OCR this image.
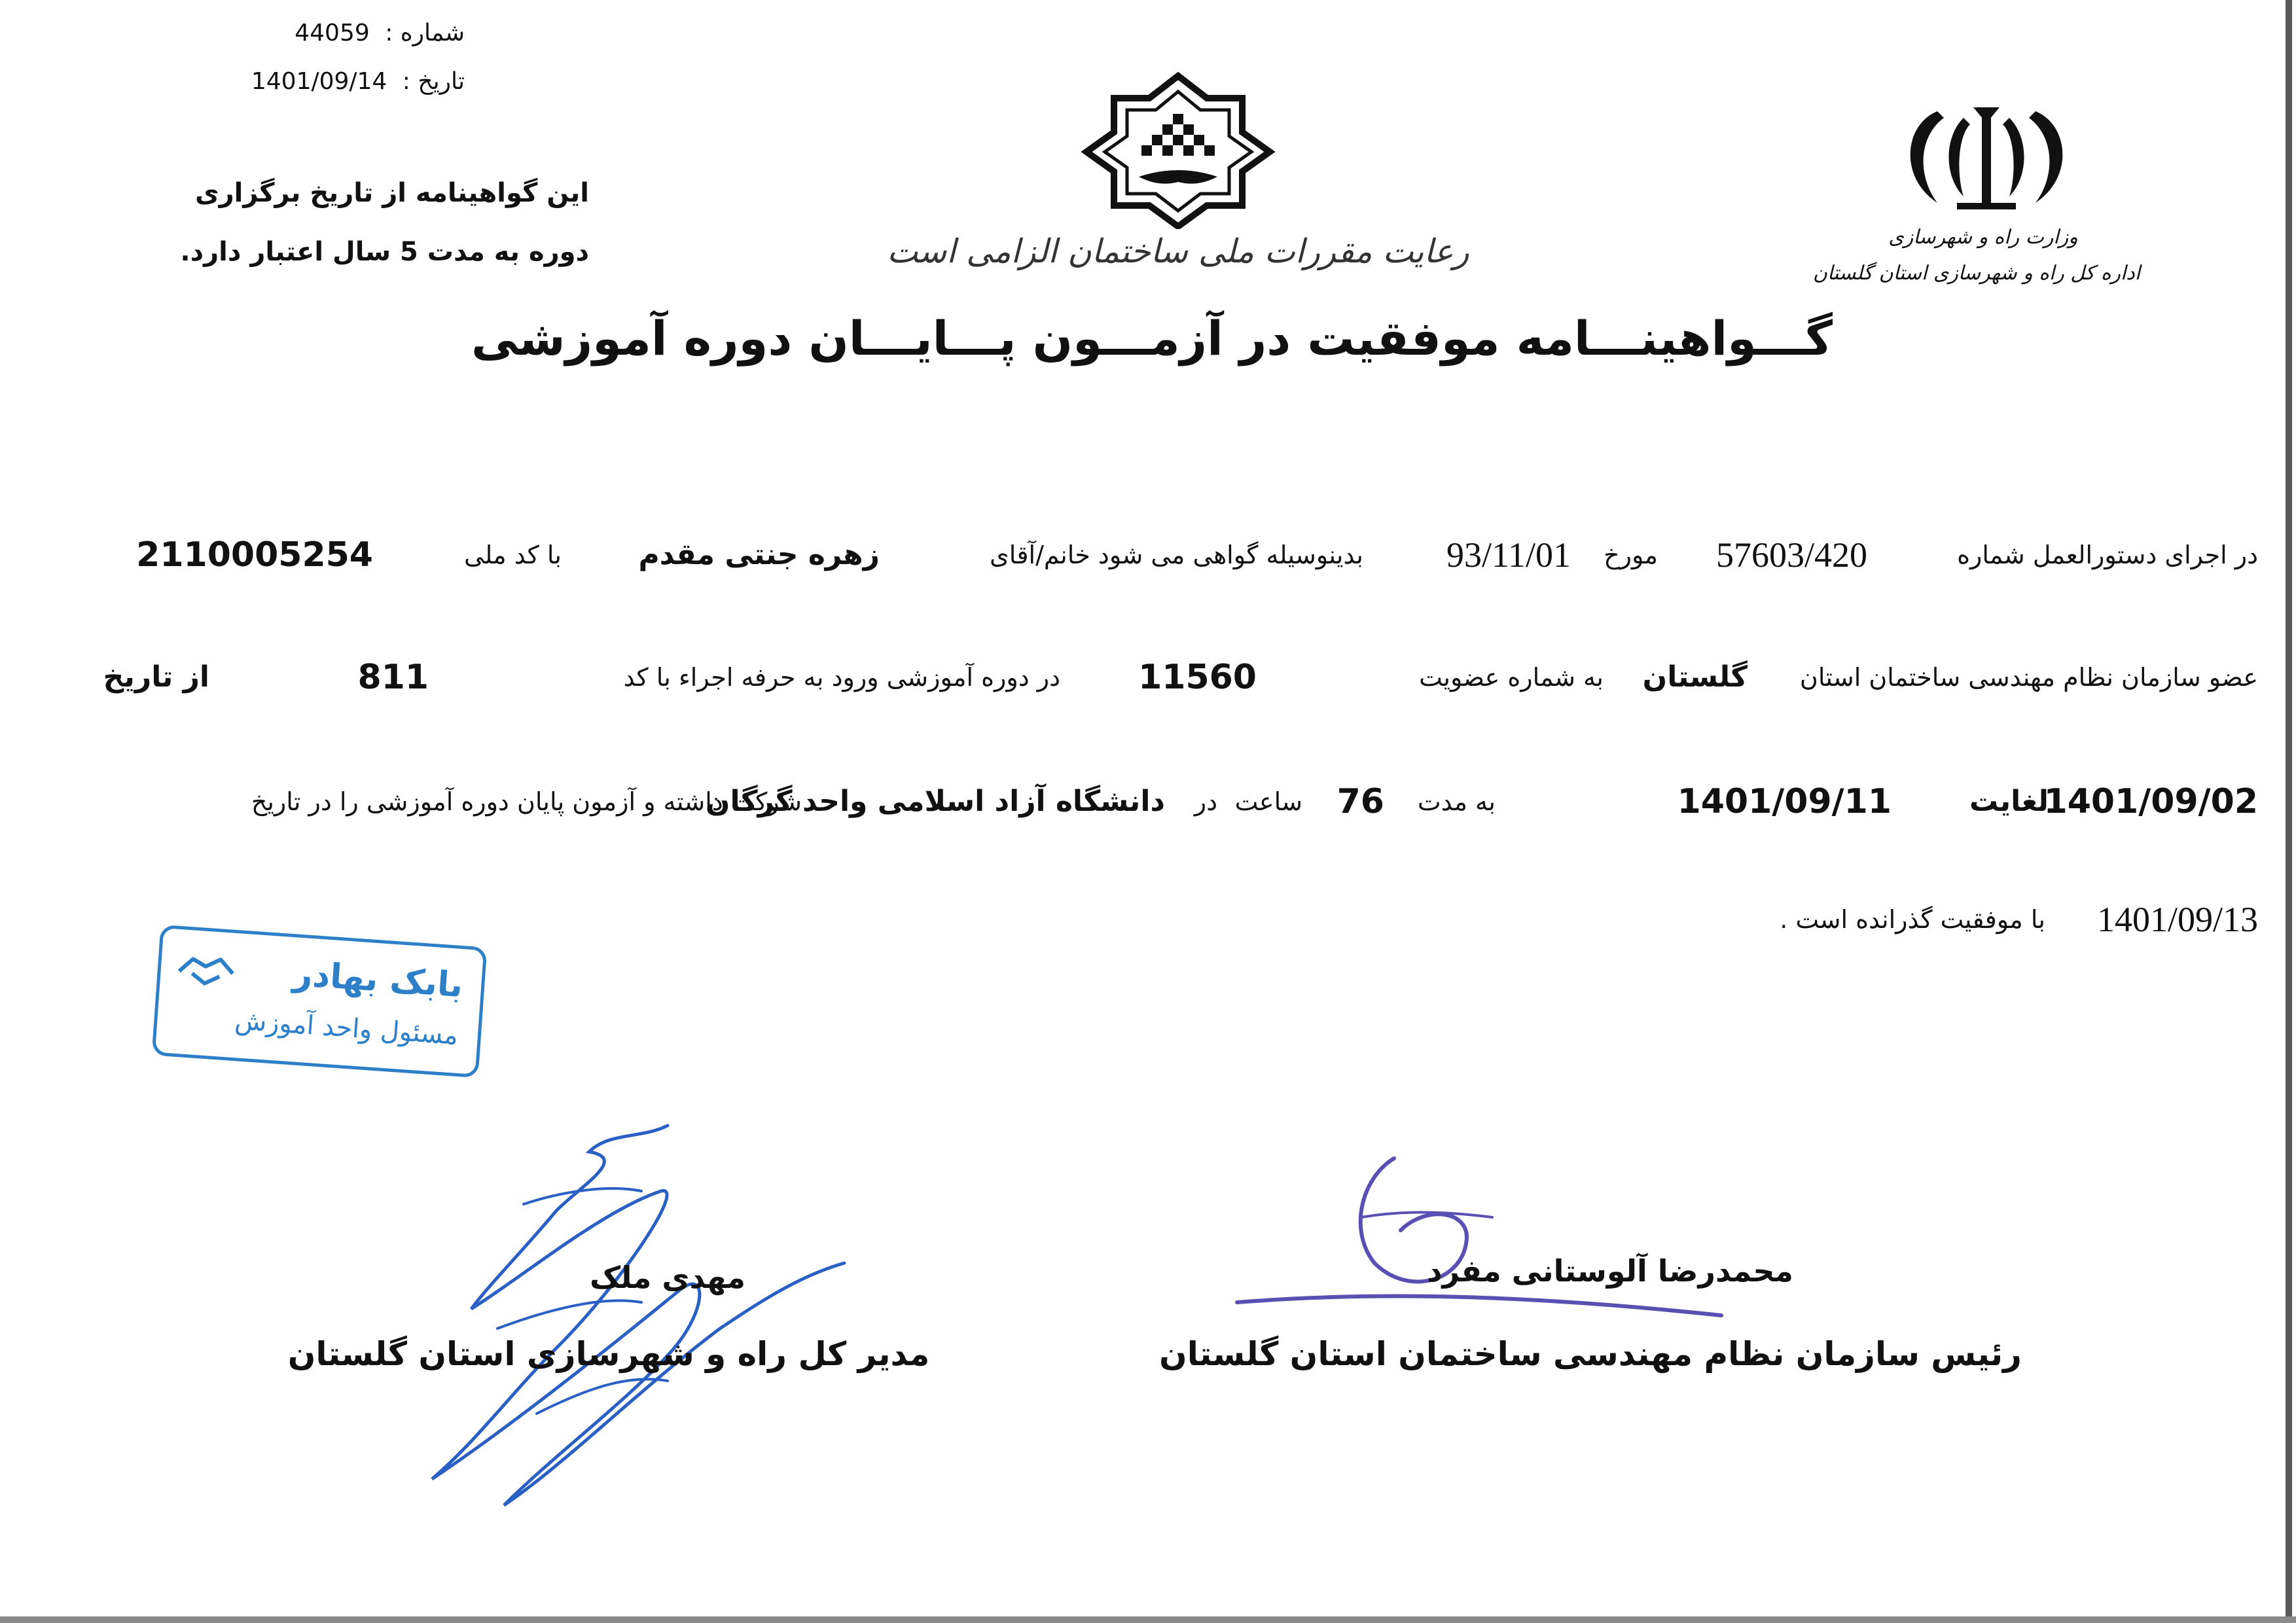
شماره : 44059
تاریخ : 1401/09/14
این گواهینامه از تاریخ برگزاری
دوره به مدت 5 سال اعتبار دارد.	رعایت مقررات ملی ساختمان الزامی است	وزارت راه و شهرسازی
اداره کل راه و شهرسازی استان گلستان
گـــواهینـــامه موفقیت در آزمـــون پـــایـــان دوره آموزشی
در اجرای دستورالعمل شماره
57603/420
مورخ
93/11/01
بدینوسیله گواهی می شود خانم/آقای
زهره جنتی مقدم
با کد ملی
2110005254
عضو سازمان نظام مهندسی ساختمان استان
گلستان
به شماره عضویت
11560
در دوره آموزشی ورود به حرفه اجراء با کد
811
از تاریخ
1401/09/02
لغایت
1401/09/11
به مدت
76
ساعت
در
دانشگاه آزاد اسلامی واحد گرگان
شرکت داشته و آزمون پایان دوره آموزشی را در تاریخ
1401/09/13
با موفقیت گذرانده است .
بابک بهادر
مسئول واحد آموزش
محمدرضا آلوستانی مفرد
رئیس سازمان نظام مهندسی ساختمان استان گلستان
مهدی ملک
مدیر کل راه و شهرسازی استان گلستان
